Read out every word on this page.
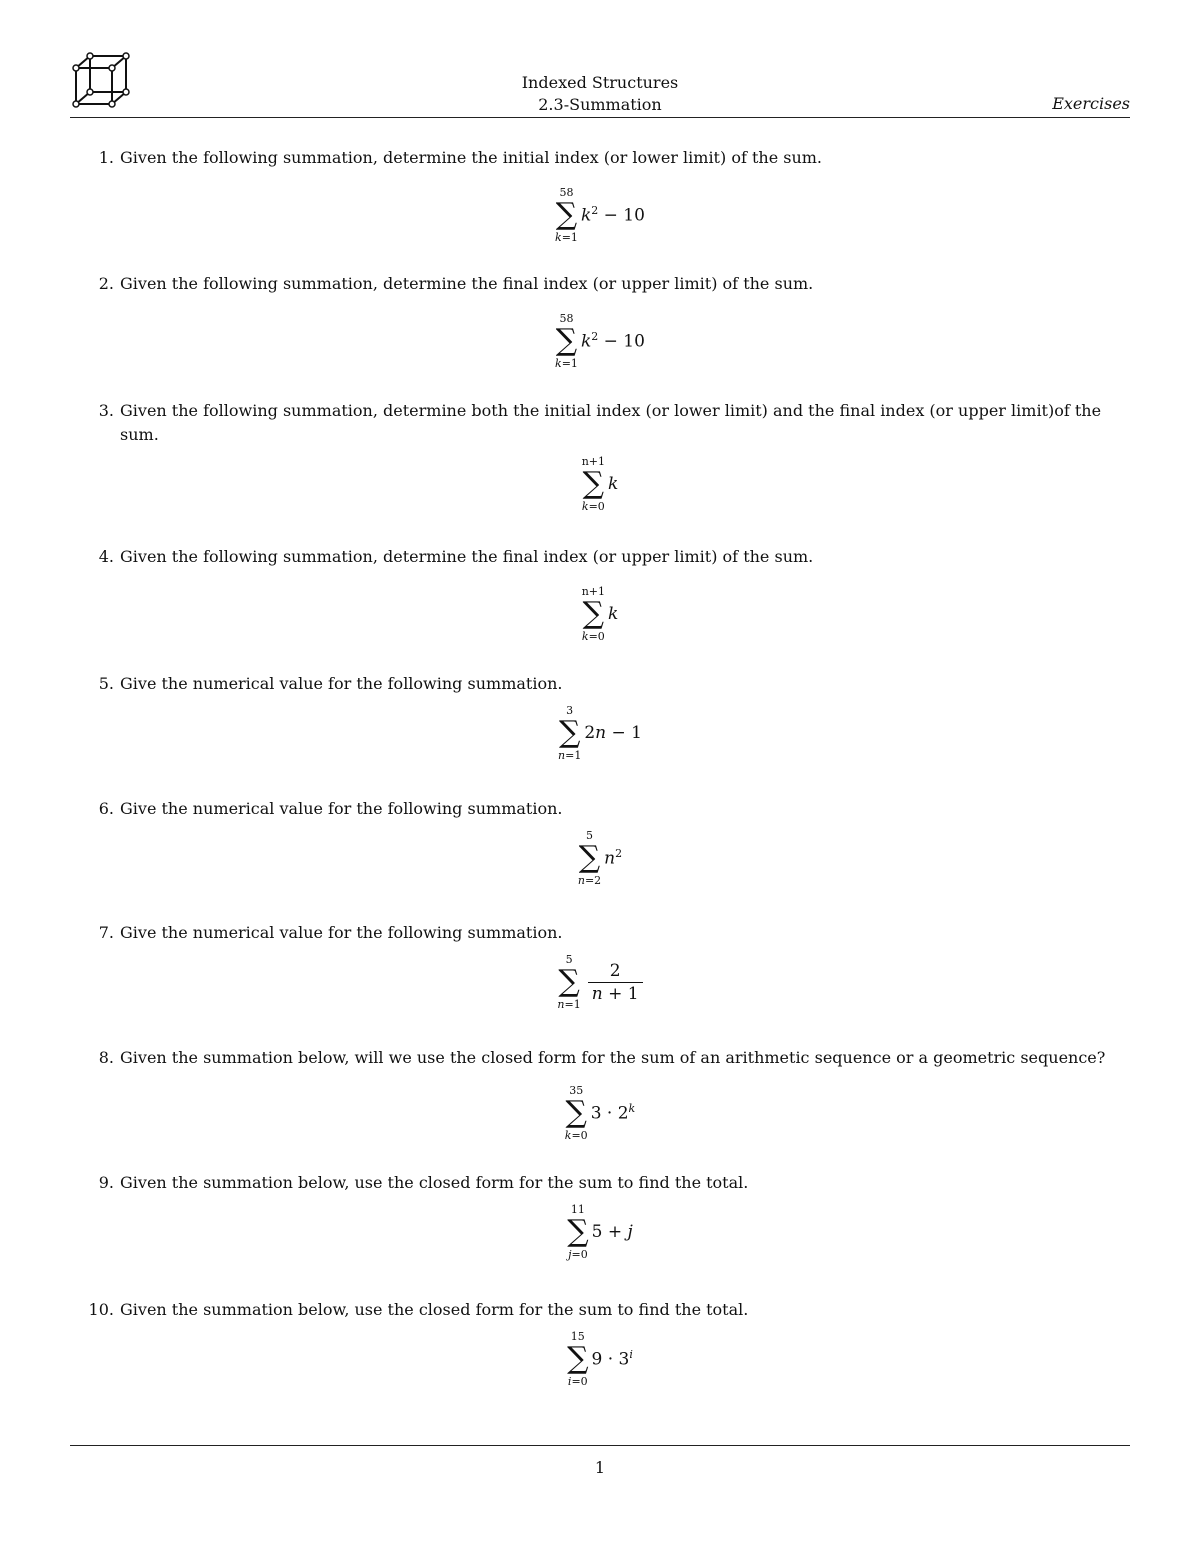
Indexed Structures
2.3-Summation	Exercises
1. Given the following summation, determine the initial index (or lower limit) of the sum.
58
∑
k=1
$k^2 - 10$
2. Given the following summation, determine the final index (or upper limit) of the sum.
58
∑
k=1
$k^2 - 10$
3. Given the following summation, determine both the initial index (or lower limit) and the final index (or upper limit)of the sum.
n+1
∑
k=0
k
4. Given the following summation, determine the final index (or upper limit) of the sum.
n+1
∑
k=0
k
5. Give the numerical value for the following summation.
3
∑
n=1
2n − 1
6. Give the numerical value for the following summation.
5
∑
n=2
$n^2$
7. Give the numerical value for the following summation.
5
∑
$n=1 \frac{2}{n + 1}$
8. Given the summation below, will we use the closed form for the sum of an arithmetic sequence or a geometric sequence?
35
∑
k=0
$3 \cdot 2^k$
9. Given the summation below, use the closed form for the sum to find the total.
11
∑
j=0
5 + j
10. Given the summation below, use the closed form for the sum to find the total.
15
∑
i=0
$9 \cdot 3^i$
1
